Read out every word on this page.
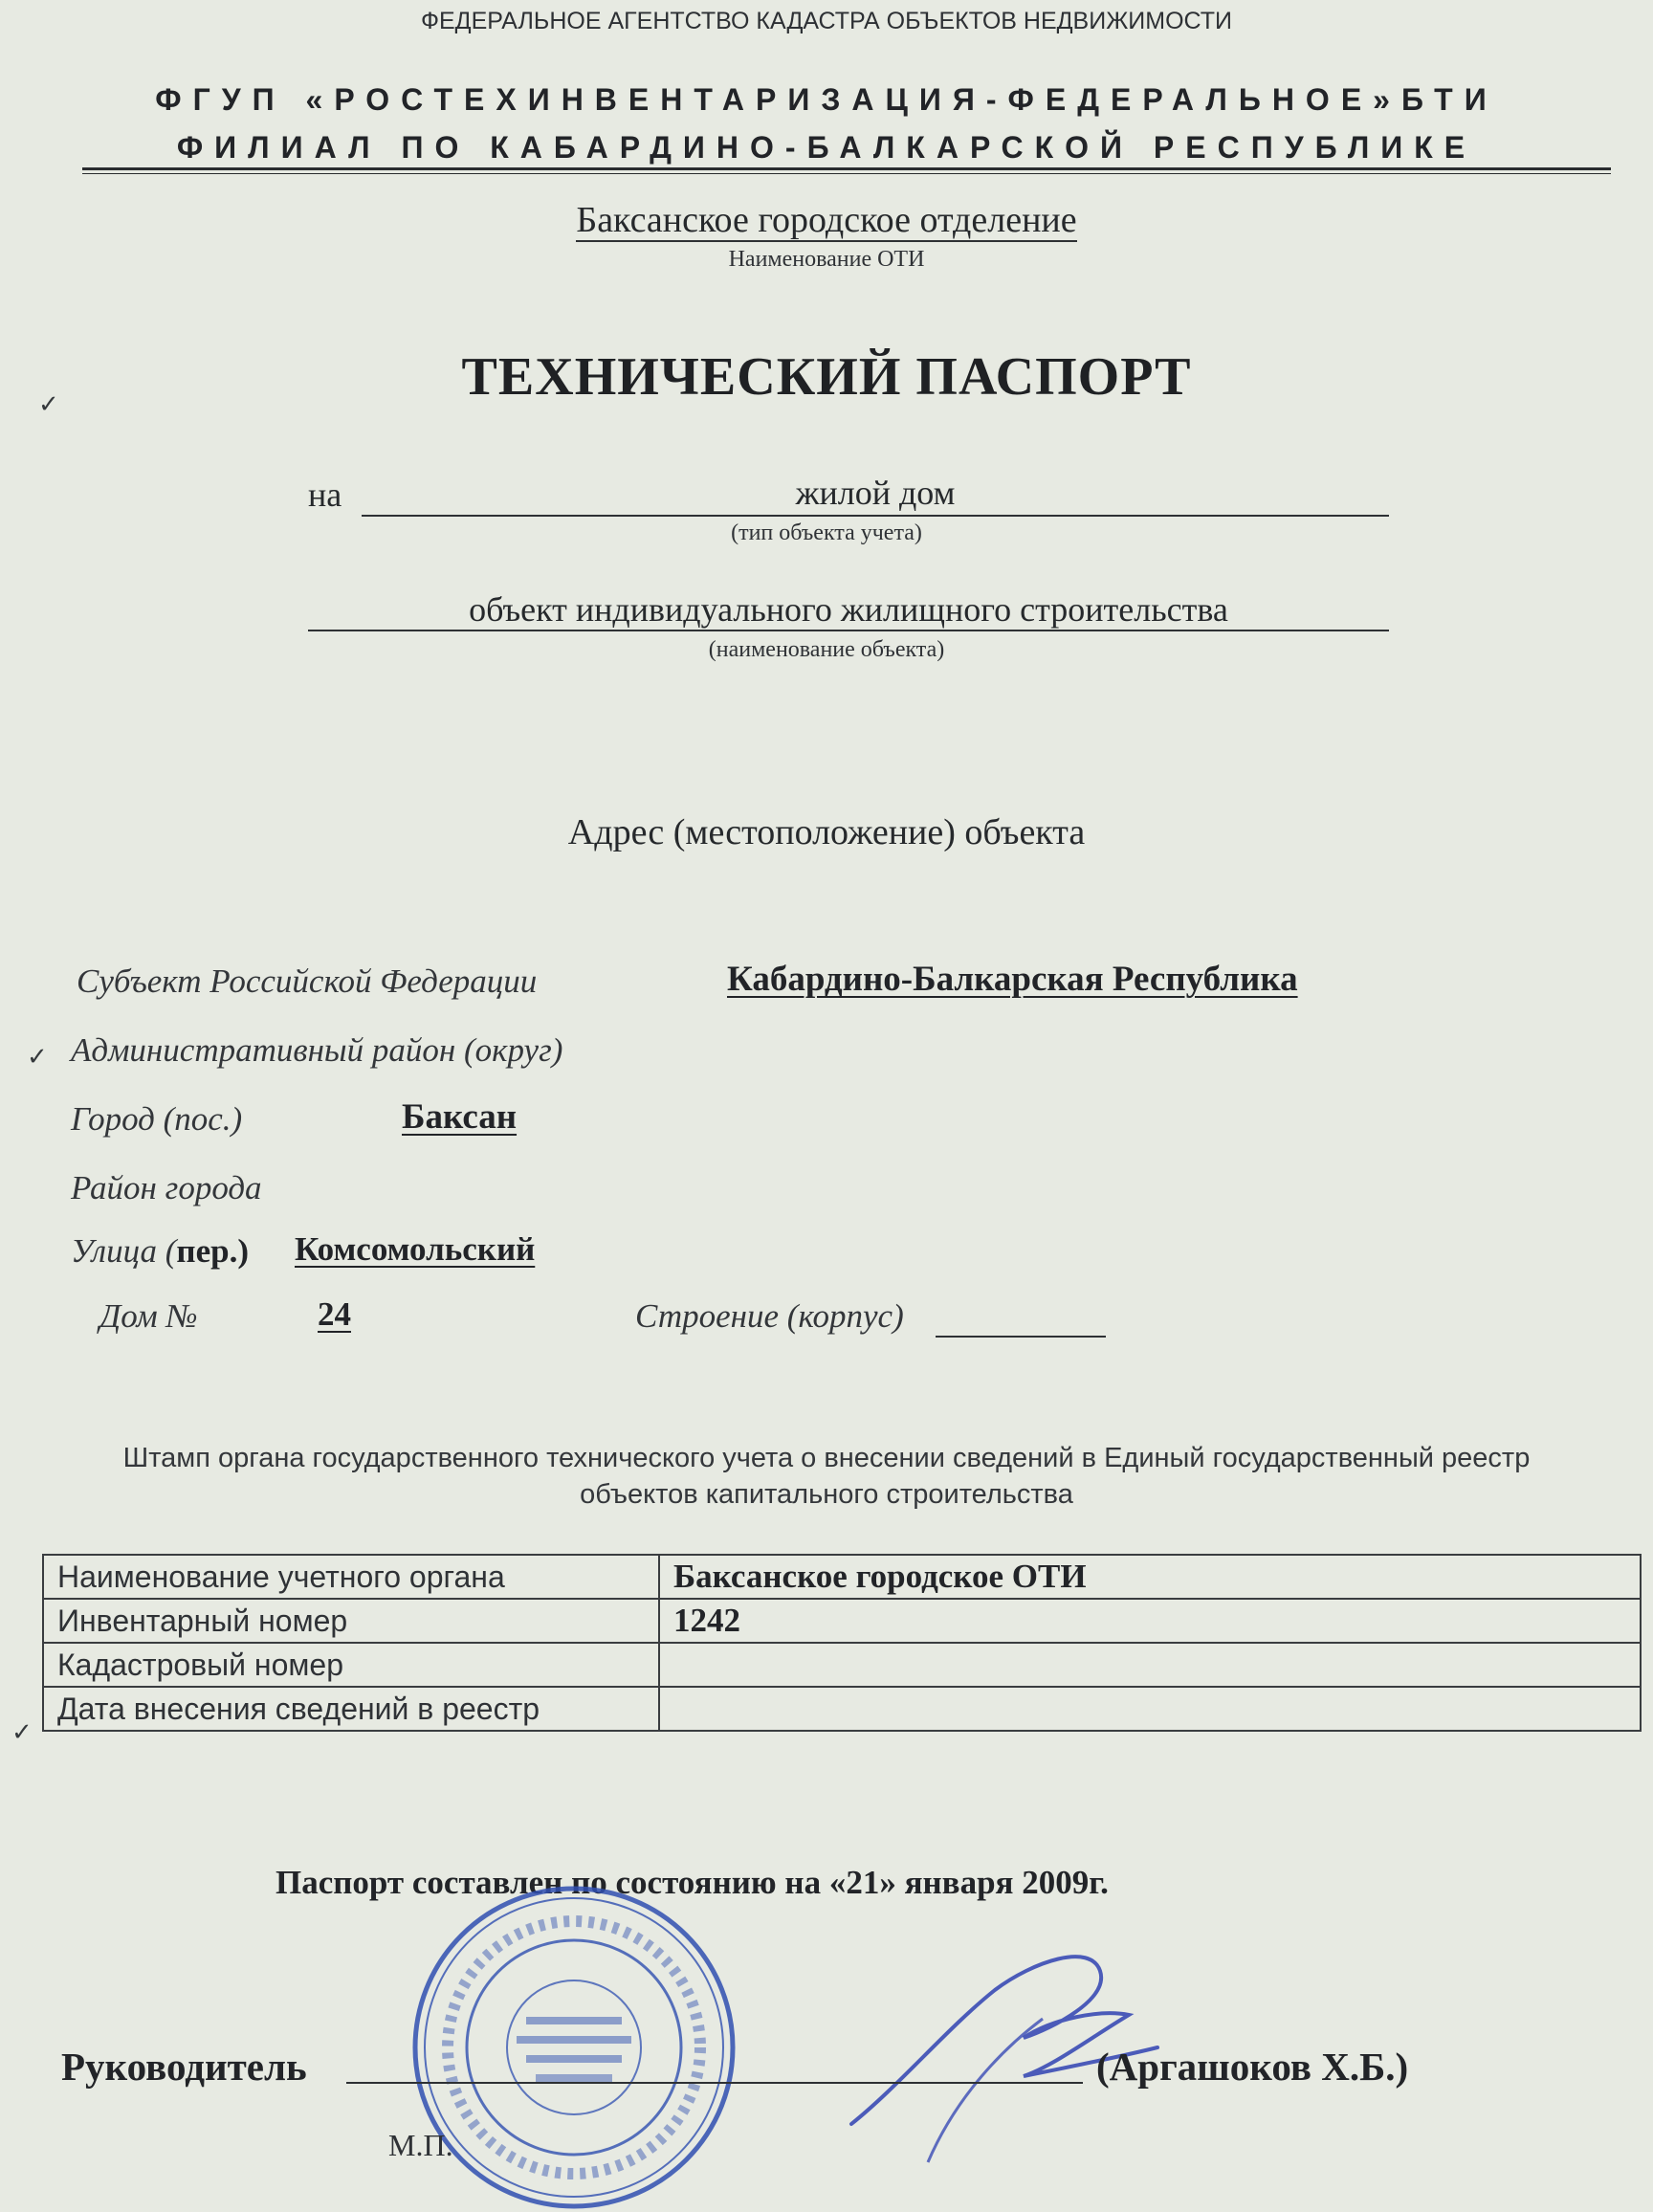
ФЕДЕРАЛЬНОЕ АГЕНТСТВО КАДАСТРА ОБЪЕКТОВ НЕДВИЖИМОСТИ
ФГУП «РОСТЕХИНВЕНТАРИЗАЦИЯ-ФЕДЕРАЛЬНОЕ»БТИ
ФИЛИАЛ ПО КАБАРДИНО-БАЛКАРСКОЙ РЕСПУБЛИКЕ
Баксанское городское отделение
Наименование ОТИ
ТЕХНИЧЕСКИЙ ПАСПОРТ
на	жилой дом
(тип объекта учета)
объект индивидуального жилищного строительства
(наименование объекта)
Адрес (местоположение) объекта
Субъект Российской Федерации	Кабардино-Балкарская Республика
Административный район (округ)
Город (пос.)	Баксан
Район города
Улица (пер.) Комсомольский
Дом №	24	Строение (корпус)
Штамп органа государственного технического учета о внесении сведений в Единый государственный реестр
объектов капитального строительства
Наименование учетного органа	Баксанское городское ОТИ
Инвентарный номер	1242
Кадастровый номер	
Дата внесения сведений в реестр	
Паспорт составлен по состоянию на «21» января 2009г.
Руководитель	(Аргашоков Х.Б.)
М.П.
✓
✓
✓
